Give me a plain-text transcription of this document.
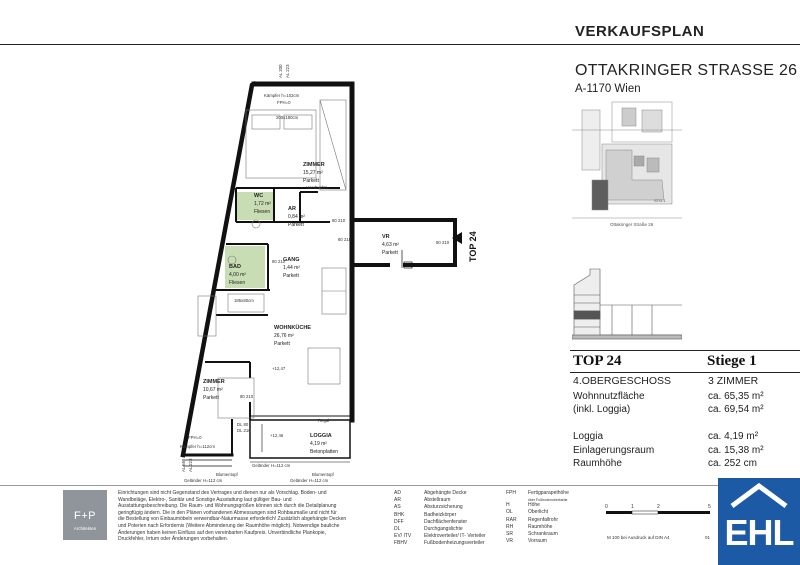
VERKAUFSPLAN
OTTAKRINGER STRASSE 26
A-1170 Wien
STG 1
Ottakringer Straße 26
TOP 24	Stiege 1
4.OBERGESCHOSS	3 ZIMMER
Wohnnutzfläche	ca. 65,35 m²
(inkl. Loggia)	ca. 69,54 m²
Loggia	ca. 4,19 m²
Einlagerungsraum	ca. 15,38 m²
Raumhöhe	ca. 252 cm
ZIMMER
15,27 m²
Parkett
WC
1,72 m²
Fliesen	AR
0,84 m²
Parkett
VR
4,63 m²
Parkett
GANG
1,44 m²
Parkett
BAD
4,00 m²
Fliesen
WOHNKÜCHE
26,76 m²
Parkett
ZIMMER
10,67 m²
Parkett
LOGGIA
4,19 m²
Betonplatten
Kämpfer h=102cm
FPH=0
200x180cm
Handtuchtr.
185x80cm
+12,47
+12,46
Regal
FPH=0
Kämpfer h=112cm
DL 80
DL 216
Geländer H=112 cm
Geländer H=112 cm	Geländer H=112 cm
Blumentopf	Blumentopf
80 210
80 210
80 210
80 210
80 210
AL 200 AL 223
AL 55 AL 223
TOP 24
F+P
Architekten
Einrichtungen sind nicht Gegenstand des Vertrages und dienen nur als Vorschlag. Boden- und
Wandbeläge, Elektro-, Sanitär und Sonstige Ausstattung laut gültiger Bau- und
Ausstattungsbeschreibung. Die Raum- und Wohnungsgrößen können sich durch die Detailplanung
geringfügig ändern. Die in den Plänen vorhandenen Abmessungen sind Rohbaumaße und nicht für
die Bestellung von Einbaumöbeln verwendbar-Naturmasse erforderlich! Zusätzlich abgehängte Decken
und Poterien nach Erfordernis (Weitere Abminderung der Raumhöhe möglich). Notwendige bauliche
Änderungen haben keinen Einfluss auf den vereinbarten Kaufpreis. Unverbindliche Plankopie,
Druckfehler, Irrtum oder Änderungen vorbehalten.
AD	Abgehängte Decke
AR	Abstellraum
AS	Absturzsicherung
BHK	Badheizkörper
DFF	Dachflächenfenster
DL	Durchgangslichte
EV/ ITV	Elektroverteiler/ IT- Verteiler
FBHV	Fußbodenheizungsverteiler
FPH Fertigparapethöhe
über Fußbodenoberkante
H	Höhe
OL	Oberlicht
RAR Regenfallrohr
RH	Raumhöhe
SR	Schrankraum
VR	Vorraum
0	1	2	5
M 100 bei Ausdruck auf DIN A4	01 EHL
